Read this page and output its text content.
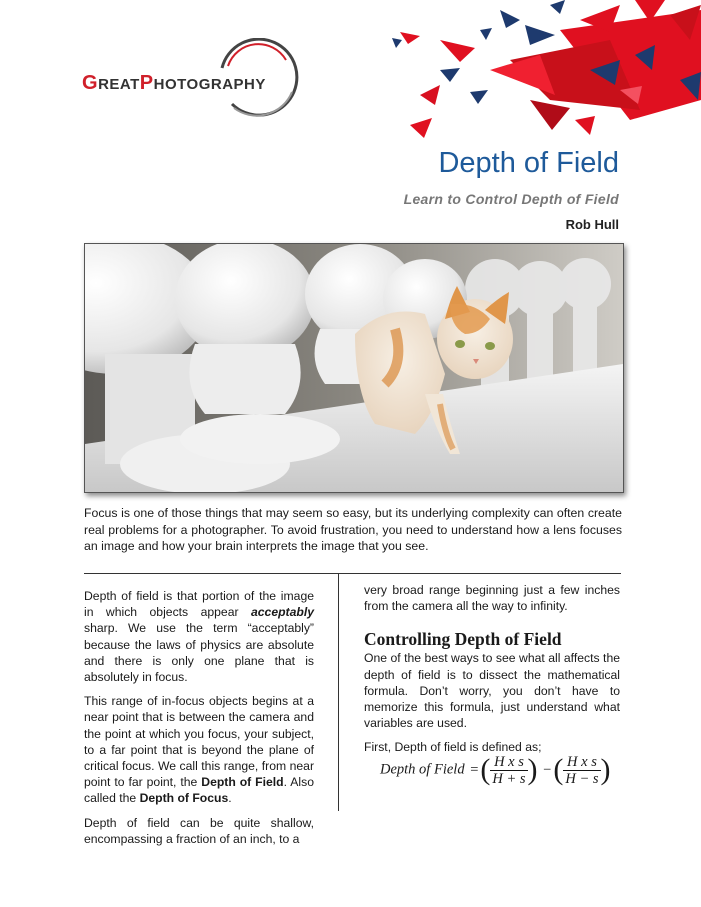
GREATPHOTOGRAPHY
Depth of Field
Learn to Control Depth of Field
Rob Hull
Focus is one of those things that may seem so easy, but its underlying complexity can often create real problems for a photographer. To avoid frustration, you need to understand how a lens focuses an image and how your brain interprets the image that you see.

Depth of field is that portion of the image in which objects appear acceptably sharp. We use the term “acceptably” because the laws of physics are absolute and there is only one plane that is absolutely in focus.

This range of in-focus objects begins at a near point that is between the camera and the point at which you focus, your subject, to a far point that is beyond the plane of critical focus. We call this range, from near point to far point, the Depth of Field. Also called the Depth of Focus.

Depth of field can be quite shallow, encompassing a fraction of an inch, to a

very broad range beginning just a few inches from the camera all the way to infinity.

Controlling Depth of Field

One of the best ways to see what all affects the depth of field is to dissect the mathematical formula. Don’t worry, you don’t have to memorize this formula, just understand what variables are used.

First, Depth of field is defined as;

Depth of Field =( $\frac{\text{H x s}}{H + s}$ ) −( $\frac{\text{H x s}}{H - s}$ )
